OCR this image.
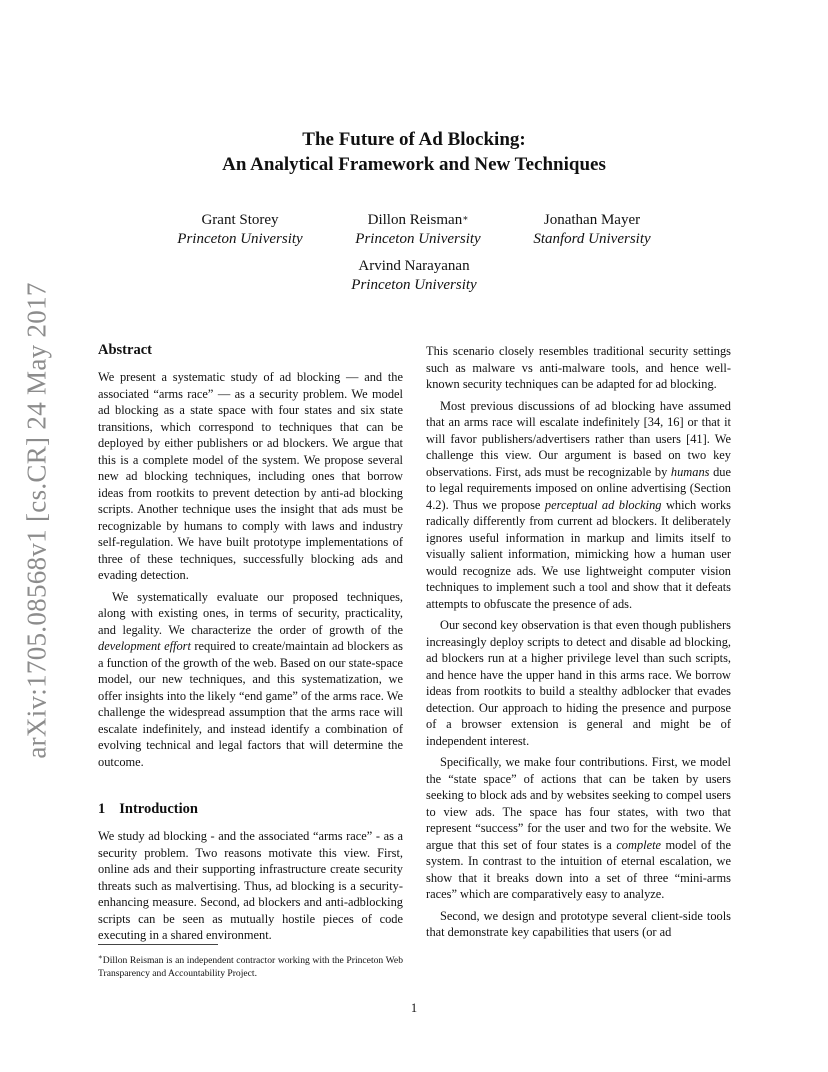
arXiv:1705.08568v1 [cs.CR] 24 May 2017
The Future of Ad Blocking:
An Analytical Framework and New Techniques
Grant Storey
Princeton University
Dillon Reisman∗
Princeton University
Jonathan Mayer
Stanford University
Arvind Narayanan
Princeton University
Abstract

We present a systematic study of ad blocking — and the associated “arms race” — as a security problem. We model ad blocking as a state space with four states and six state transitions, which correspond to techniques that can be deployed by either publishers or ad blockers. We argue that this is a complete model of the system. We propose several new ad blocking techniques, including ones that borrow ideas from rootkits to prevent detection by anti-ad blocking scripts. Another technique uses the insight that ads must be recognizable by humans to comply with laws and industry self-regulation. We have built prototype implementations of three of these techniques, successfully blocking ads and evading detection.

We systematically evaluate our proposed techniques, along with existing ones, in terms of security, practicality, and legality. We characterize the order of growth of the development effort required to create/maintain ad blockers as a function of the growth of the web. Based on our state-space model, our new techniques, and this systematization, we offer insights into the likely “end game” of the arms race. We challenge the widespread assumption that the arms race will escalate indefinitely, and instead identify a combination of evolving technical and legal factors that will determine the outcome.

1 Introduction

We study ad blocking - and the associated “arms race” - as a security problem. Two reasons motivate this view. First, online ads and their supporting infrastructure create security threats such as malvertising. Thus, ad blocking is a security-enhancing measure. Second, ad blockers and anti-adblocking scripts can be seen as mutually hostile pieces of code executing in a shared environment.

∗Dillon Reisman is an independent contractor working with the Princeton Web Transparency and Accountability Project.

This scenario closely resembles traditional security settings such as malware vs anti-malware tools, and hence well-known security techniques can be adapted for ad blocking.

Most previous discussions of ad blocking have assumed that an arms race will escalate indefinitely [34, 16] or that it will favor publishers/advertisers rather than users [41]. We challenge this view. Our argument is based on two key observations. First, ads must be recognizable by humans due to legal requirements imposed on online advertising (Section 4.2). Thus we propose perceptual ad blocking which works radically differently from current ad blockers. It deliberately ignores useful information in markup and limits itself to visually salient information, mimicking how a human user would recognize ads. We use lightweight computer vision techniques to implement such a tool and show that it defeats attempts to obfuscate the presence of ads.

Our second key observation is that even though publishers increasingly deploy scripts to detect and disable ad blocking, ad blockers run at a higher privilege level than such scripts, and hence have the upper hand in this arms race. We borrow ideas from rootkits to build a stealthy adblocker that evades detection. Our approach to hiding the presence and purpose of a browser extension is general and might be of independent interest.

Specifically, we make four contributions. First, we model the “state space” of actions that can be taken by users seeking to block ads and by websites seeking to compel users to view ads. The space has four states, with two that represent “success” for the user and two for the website. We argue that this set of four states is a complete model of the system. In contrast to the intuition of eternal escalation, we show that it breaks down into a set of three “mini-arms races” which are comparatively easy to analyze.

Second, we design and prototype several client-side tools that demonstrate key capabilities that users (or ad

1
